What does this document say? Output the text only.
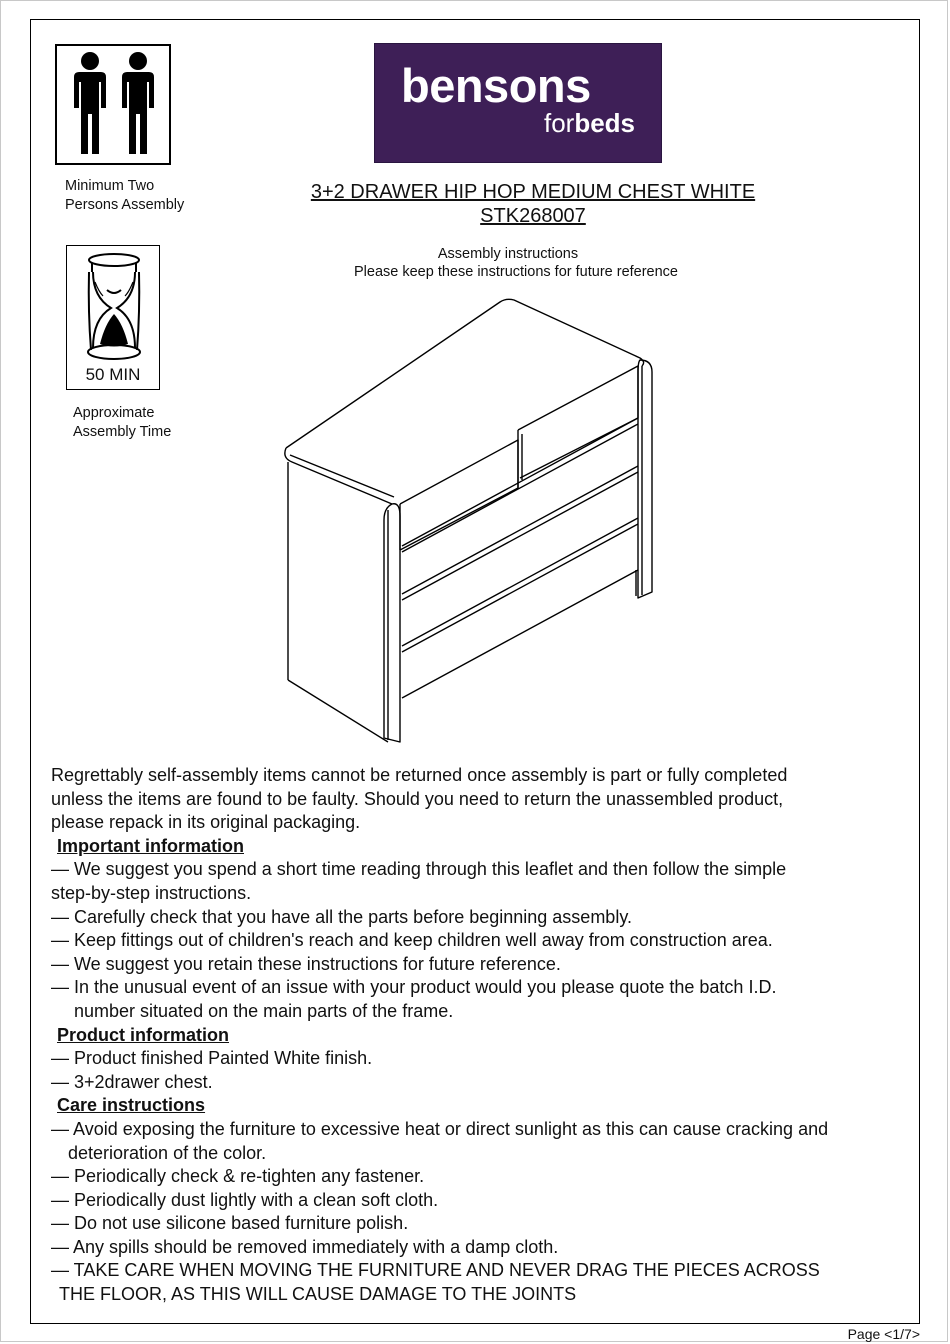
Minimum Two
Persons Assembly
50 MIN
Approximate
Assembly Time
bensons
forbeds
3+2 DRAWER HIP HOP MEDIUM CHEST WHITE
STK268007
Assembly instructions
Please keep these instructions for future reference

Regrettably self-assembly items cannot be returned once assembly is part or fully completed

unless the items are found to be faulty. Should you need to return the unassembled product,

please repack in its original packaging.

Important information

— We suggest you spend a short time reading through this leaflet and then follow the simple

step-by-step instructions.

— Carefully check that you have all the parts before beginning assembly.

— Keep fittings out of children's reach and keep children well away from construction area.

— We suggest you retain these instructions for future reference.

— In the unusual event of an issue with your product would you please quote the batch I.D.

number situated on the main parts of the frame.

Product information

— Product finished Painted White finish.

— 3+2drawer chest.

Care instructions

— Avoid exposing the furniture to excessive heat or direct sunlight as this can cause cracking and

deterioration of the color.

— Periodically check & re-tighten any fastener.

— Periodically dust lightly with a clean soft cloth.

— Do not use silicone based furniture polish.

— Any spills should be removed immediately with a damp cloth.

— TAKE CARE WHEN MOVING THE FURNITURE AND NEVER DRAG THE PIECES ACROSS

THE FLOOR, AS THIS WILL CAUSE DAMAGE TO THE JOINTS

Page <1/7>
